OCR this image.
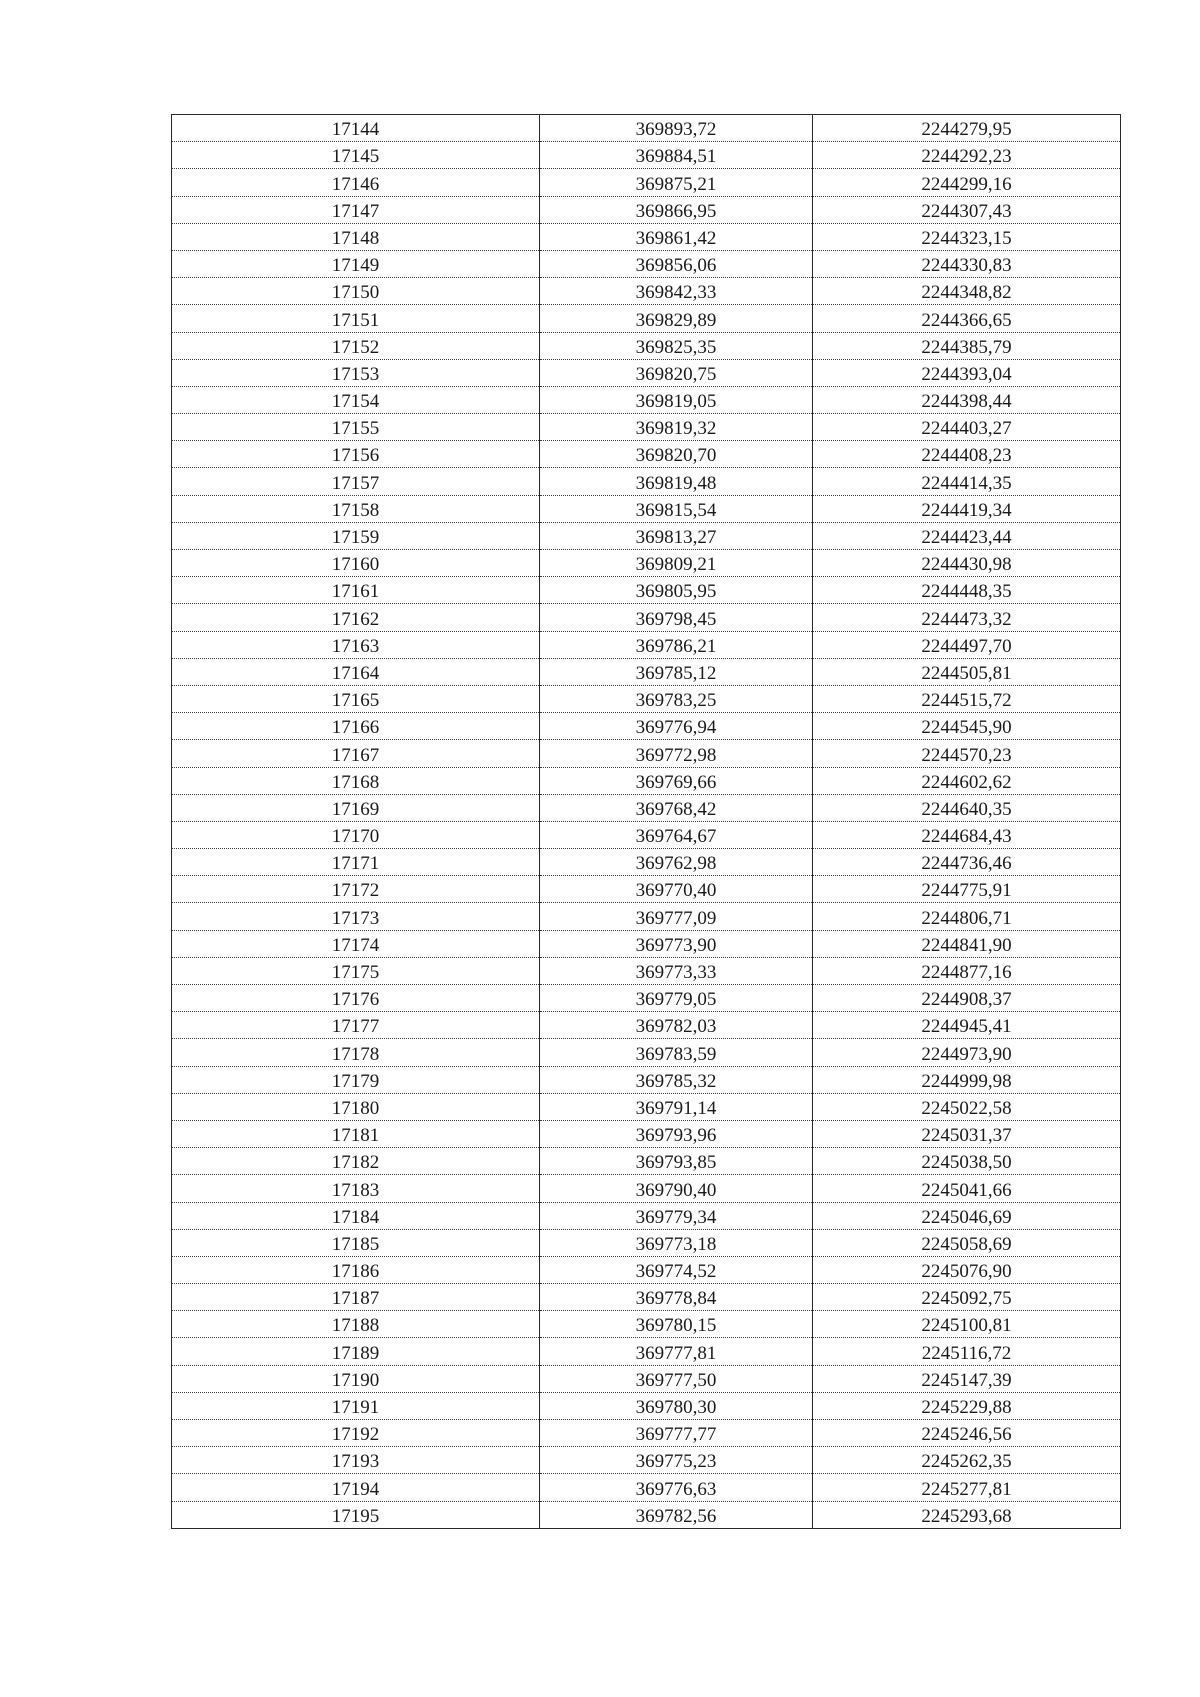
17144	369893,72	2244279,95
17145	369884,51	2244292,23
17146	369875,21	2244299,16
17147	369866,95	2244307,43
17148	369861,42	2244323,15
17149	369856,06	2244330,83
17150	369842,33	2244348,82
17151	369829,89	2244366,65
17152	369825,35	2244385,79
17153	369820,75	2244393,04
17154	369819,05	2244398,44
17155	369819,32	2244403,27
17156	369820,70	2244408,23
17157	369819,48	2244414,35
17158	369815,54	2244419,34
17159	369813,27	2244423,44
17160	369809,21	2244430,98
17161	369805,95	2244448,35
17162	369798,45	2244473,32
17163	369786,21	2244497,70
17164	369785,12	2244505,81
17165	369783,25	2244515,72
17166	369776,94	2244545,90
17167	369772,98	2244570,23
17168	369769,66	2244602,62
17169	369768,42	2244640,35
17170	369764,67	2244684,43
17171	369762,98	2244736,46
17172	369770,40	2244775,91
17173	369777,09	2244806,71
17174	369773,90	2244841,90
17175	369773,33	2244877,16
17176	369779,05	2244908,37
17177	369782,03	2244945,41
17178	369783,59	2244973,90
17179	369785,32	2244999,98
17180	369791,14	2245022,58
17181	369793,96	2245031,37
17182	369793,85	2245038,50
17183	369790,40	2245041,66
17184	369779,34	2245046,69
17185	369773,18	2245058,69
17186	369774,52	2245076,90
17187	369778,84	2245092,75
17188	369780,15	2245100,81
17189	369777,81	2245116,72
17190	369777,50	2245147,39
17191	369780,30	2245229,88
17192	369777,77	2245246,56
17193	369775,23	2245262,35
17194	369776,63	2245277,81
17195	369782,56	2245293,68
